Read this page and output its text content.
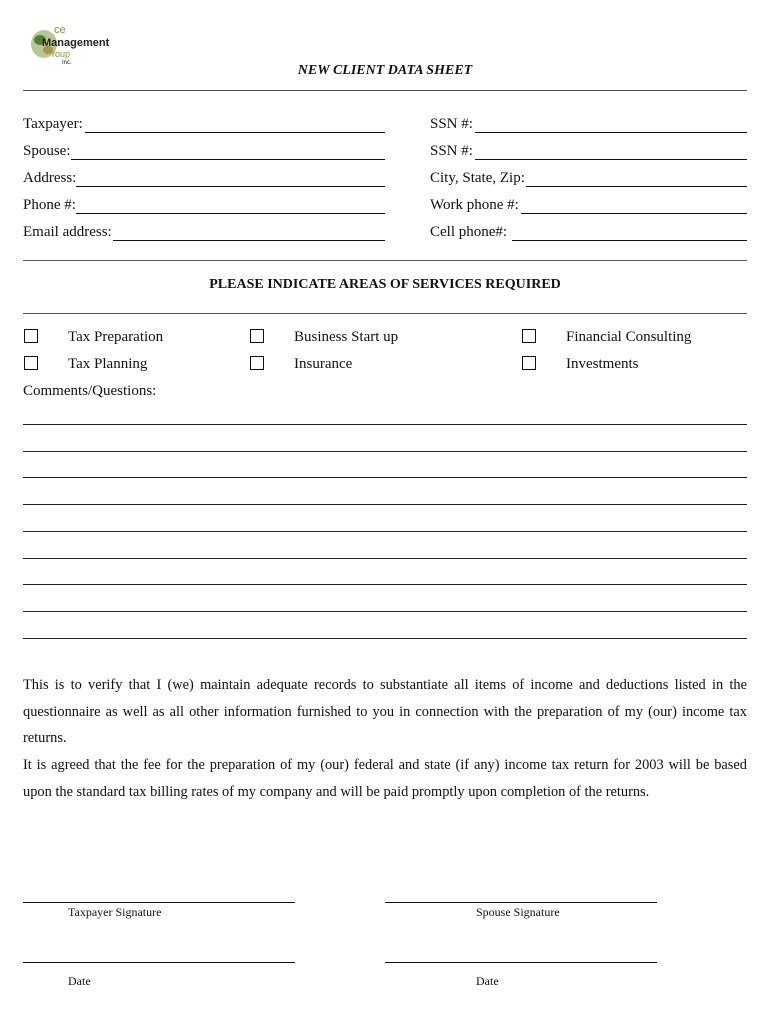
ce
Management
roup
Inc.	NEW CLIENT DATA SHEET
Taxpayer:	SSN #:
Spouse:	SSN #:
Address:	City, State, Zip:
Phone #:	Work phone #:
Email address:	Cell phone#:
PLEASE INDICATE AREAS OF SERVICES REQUIRED
Tax Preparation	Business Start up	Financial Consulting
Tax Planning	Insurance	Investments
Comments/Questions:
This is to verify that I (we) maintain adequate records to substantiate all items of income and deductions listed in the questionnaire as well as all other information furnished to you in connection with the preparation of my (our) income tax returns.
It is agreed that the fee for the preparation of my (our) federal and state (if any) income tax return for 2003 will be based upon the standard tax billing rates of my company and will be paid promptly upon completion of the returns.
Taxpayer Signature	Spouse Signature
Date	Date
